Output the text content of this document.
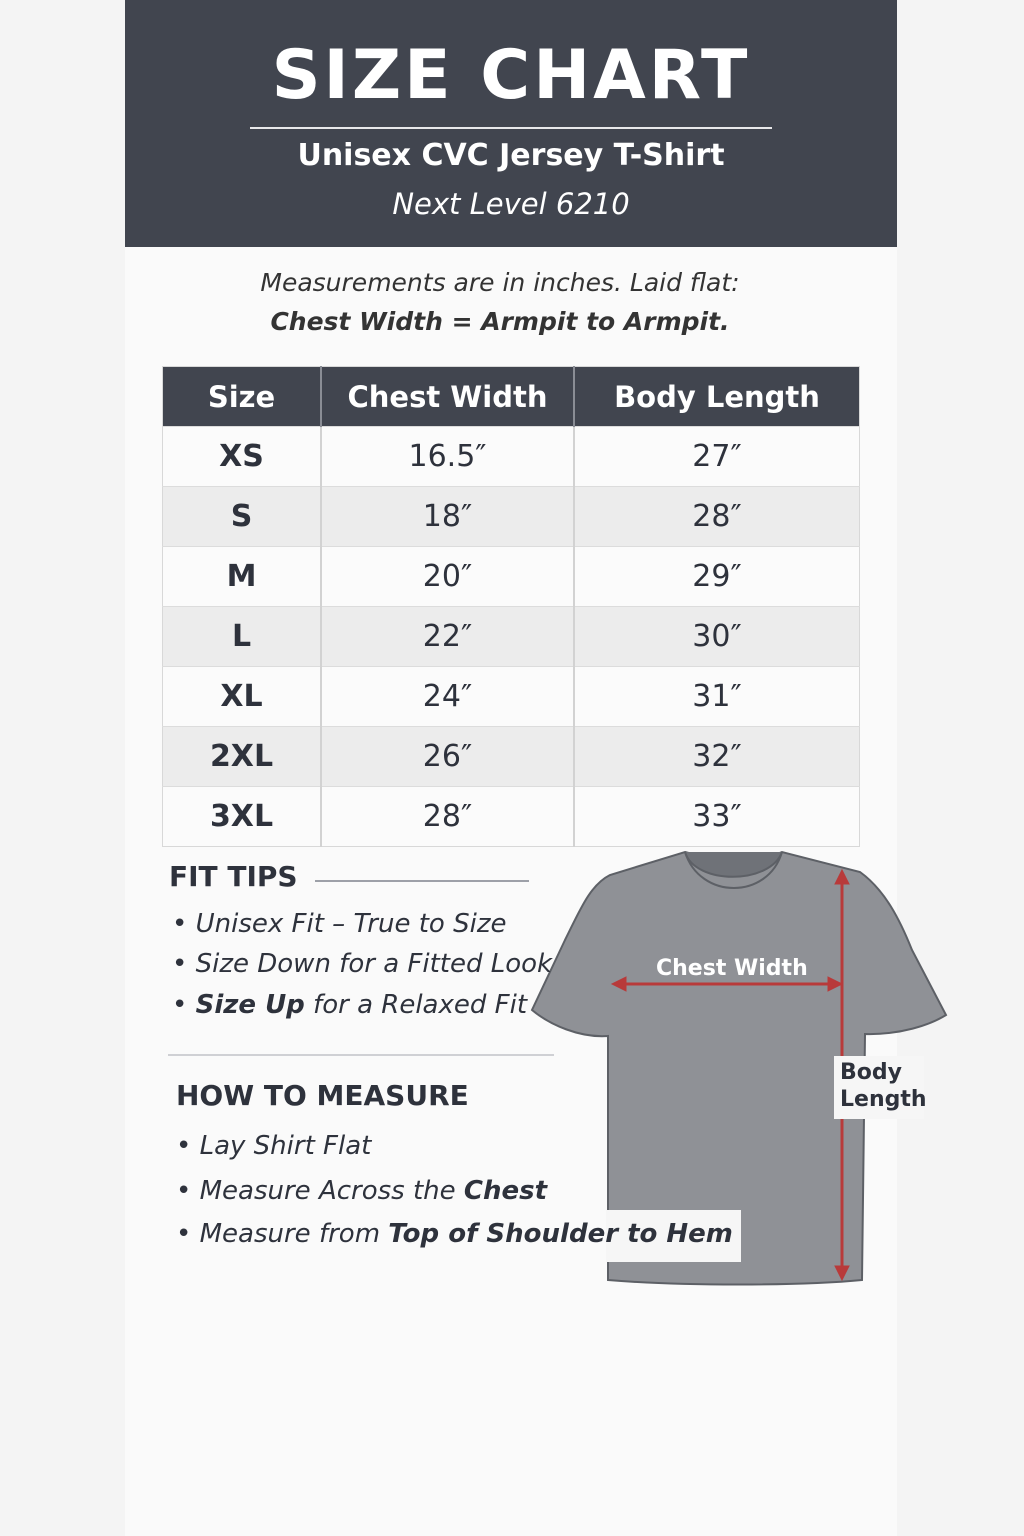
SIZE CHART
Unisex CVC Jersey T-Shirt
Next Level 6210
Measurements are in inches. Laid flat:
Chest Width = Armpit to Armpit.
Size	Chest Width	Body Length
XS	16.5″	27″
S	18″	28″
M	20″	29″
L	22″	30″
XL	24″	31″
2XL	26″	32″
3XL	28″	33″
FIT TIPS
• Unisex Fit – True to Size
• Size Down for a Fitted Look
• Size Up for a Relaxed Fit
HOW TO MEASURE
• Lay Shirt Flat
• Measure Across the Chest
• Measure from Top of Shoulder to Hem
Chest Width
Body
Length
